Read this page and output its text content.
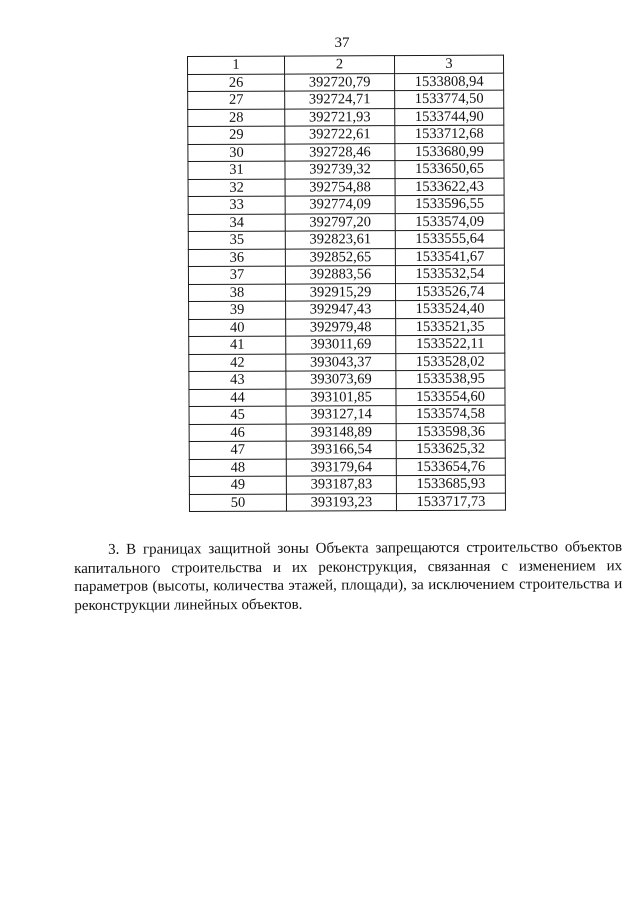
37
1	2	3
26	392720,79	1533808,94
27	392724,71	1533774,50
28	392721,93	1533744,90
29	392722,61	1533712,68
30	392728,46	1533680,99
31	392739,32	1533650,65
32	392754,88	1533622,43
33	392774,09	1533596,55
34	392797,20	1533574,09
35	392823,61	1533555,64
36	392852,65	1533541,67
37	392883,56	1533532,54
38	392915,29	1533526,74
39	392947,43	1533524,40
40	392979,48	1533521,35
41	393011,69	1533522,11
42	393043,37	1533528,02
43	393073,69	1533538,95
44	393101,85	1533554,60
45	393127,14	1533574,58
46	393148,89	1533598,36
47	393166,54	1533625,32
48	393179,64	1533654,76
49	393187,83	1533685,93
50	393193,23	1533717,73
3. В границах защитной зоны Объекта запрещаются строительство объектов капитального строительства и их реконструкция, связанная с изменением их параметров (высоты, количества этажей, площади), за исключением строительства и реконструкции линейных объектов.
